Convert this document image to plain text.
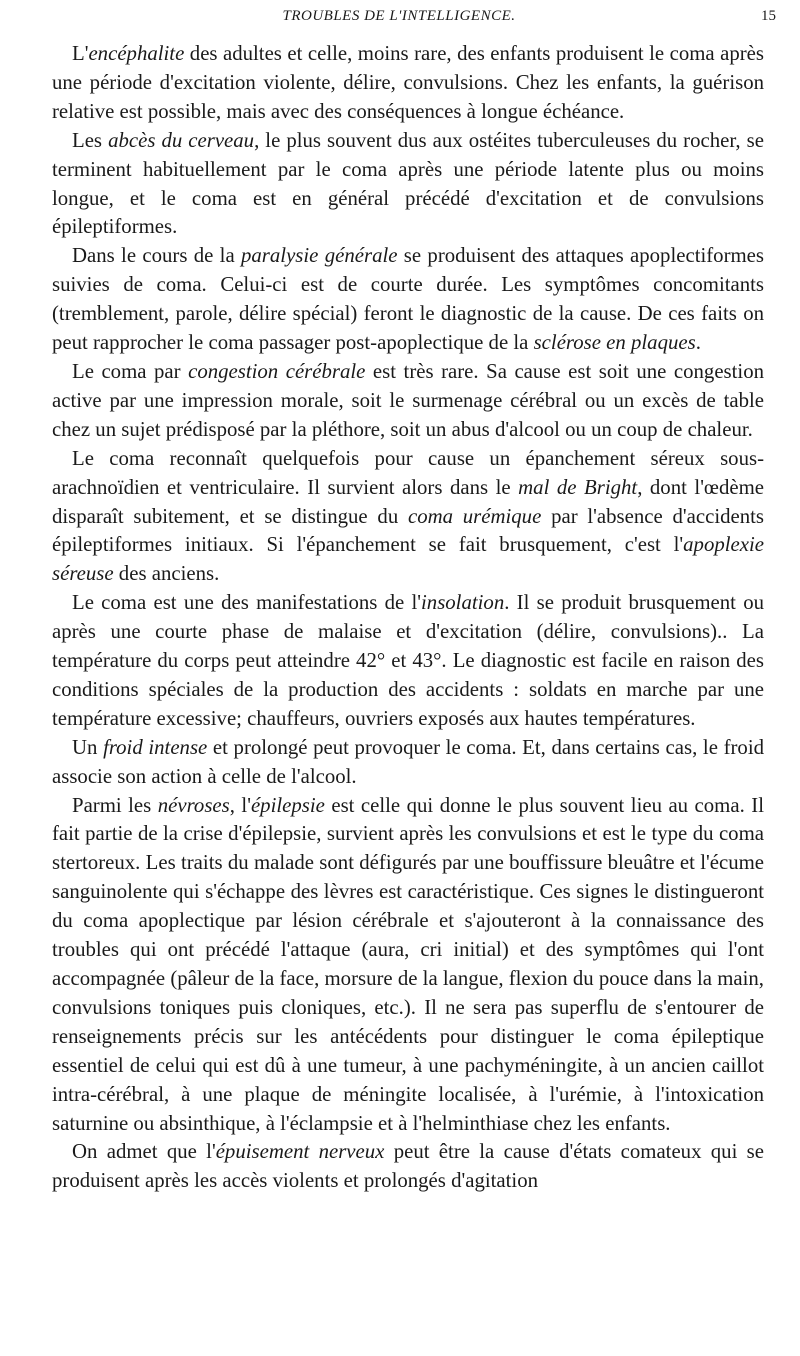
TROUBLES DE L'INTELLIGENCE.	15

L'encéphalite des adultes et celle, moins rare, des enfants produisent le coma après une période d'excitation violente, délire, convulsions. Chez les enfants, la guérison relative est possible, mais avec des conséquences à longue échéance.

Les abcès du cerveau, le plus souvent dus aux ostéites tuberculeuses du rocher, se terminent habituellement par le coma après une période latente plus ou moins longue, et le coma est en général précédé d'excitation et de convulsions épileptiformes.

Dans le cours de la paralysie générale se produisent des attaques apoplectiformes suivies de coma. Celui-ci est de courte durée. Les symptômes concomitants (tremblement, parole, délire spécial) feront le diagnostic de la cause. De ces faits on peut rapprocher le coma passager post-apoplectique de la sclérose en plaques.

Le coma par congestion cérébrale est très rare. Sa cause est soit une congestion active par une impression morale, soit le surmenage cérébral ou un excès de table chez un sujet prédisposé par la pléthore, soit un abus d'alcool ou un coup de chaleur.

Le coma reconnaît quelquefois pour cause un épanchement séreux sous-arachnoïdien et ventriculaire. Il survient alors dans le mal de Bright, dont l'œdème disparaît subitement, et se distingue du coma urémique par l'absence d'accidents épileptiformes initiaux. Si l'épanchement se fait brusquement, c'est l'apoplexie séreuse des anciens.

Le coma est une des manifestations de l'insolation. Il se produit brusquement ou après une courte phase de malaise et d'excitation (délire, convulsions).. La température du corps peut atteindre 42° et 43°. Le diagnostic est facile en raison des conditions spéciales de la production des accidents : soldats en marche par une température excessive; chauffeurs, ouvriers exposés aux hautes températures.

Un froid intense et prolongé peut provoquer le coma. Et, dans certains cas, le froid associe son action à celle de l'alcool.

Parmi les névroses, l'épilepsie est celle qui donne le plus souvent lieu au coma. Il fait partie de la crise d'épilepsie, survient après les convulsions et est le type du coma stertoreux. Les traits du malade sont défigurés par une bouffissure bleuâtre et l'écume sanguinolente qui s'échappe des lèvres est caractéristique. Ces signes le distingueront du coma apoplectique par lésion cérébrale et s'ajouteront à la connaissance des troubles qui ont précédé l'attaque (aura, cri initial) et des symptômes qui l'ont accompagnée (pâleur de la face, morsure de la langue, flexion du pouce dans la main, convulsions toniques puis cloniques, etc.). Il ne sera pas superflu de s'entourer de renseignements précis sur les antécédents pour distinguer le coma épileptique essentiel de celui qui est dû à une tumeur, à une pachyméningite, à un ancien caillot intra-cérébral, à une plaque de méningite localisée, à l'urémie, à l'intoxication saturnine ou absinthique, à l'éclampsie et à l'helminthiase chez les enfants.

On admet que l'épuisement nerveux peut être la cause d'états comateux qui se produisent après les accès violents et prolongés d'agitation
